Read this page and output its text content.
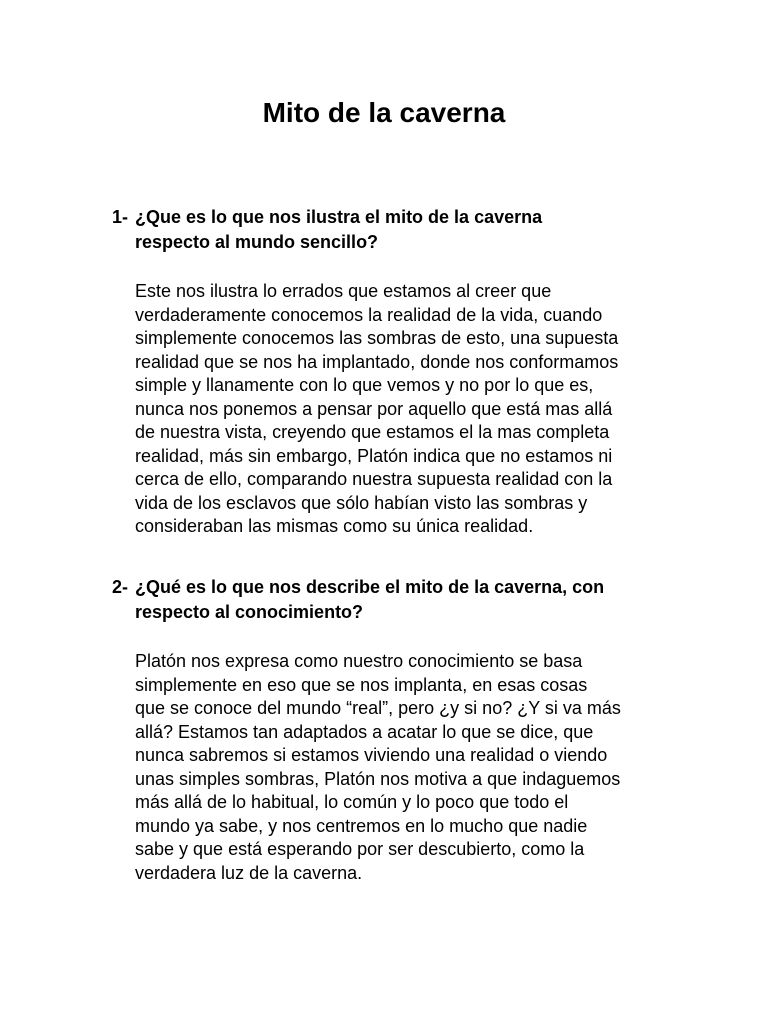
Mito de la caverna
1- ¿Que es lo que nos ilustra el mito de la caverna
respecto al mundo sencillo?
Este nos ilustra lo errados que estamos al creer que
verdaderamente conocemos la realidad de la vida, cuando
simplemente conocemos las sombras de esto, una supuesta
realidad que se nos ha implantado, donde nos conformamos
simple y llanamente con lo que vemos y no por lo que es,
nunca nos ponemos a pensar por aquello que está mas allá
de nuestra vista, creyendo que estamos el la mas completa
realidad, más sin embargo, Platón indica que no estamos ni
cerca de ello, comparando nuestra supuesta realidad con la
vida de los esclavos que sólo habían visto las sombras y
consideraban las mismas como su única realidad.
2- ¿Qué es lo que nos describe el mito de la caverna, con
respecto al conocimiento?
Platón nos expresa como nuestro conocimiento se basa
simplemente en eso que se nos implanta, en esas cosas
que se conoce del mundo “real”, pero ¿y si no? ¿Y si va más
allá? Estamos tan adaptados a acatar lo que se dice, que
nunca sabremos si estamos viviendo una realidad o viendo
unas simples sombras, Platón nos motiva a que indaguemos
más allá de lo habitual, lo común y lo poco que todo el
mundo ya sabe, y nos centremos en lo mucho que nadie
sabe y que está esperando por ser descubierto, como la
verdadera luz de la caverna.
